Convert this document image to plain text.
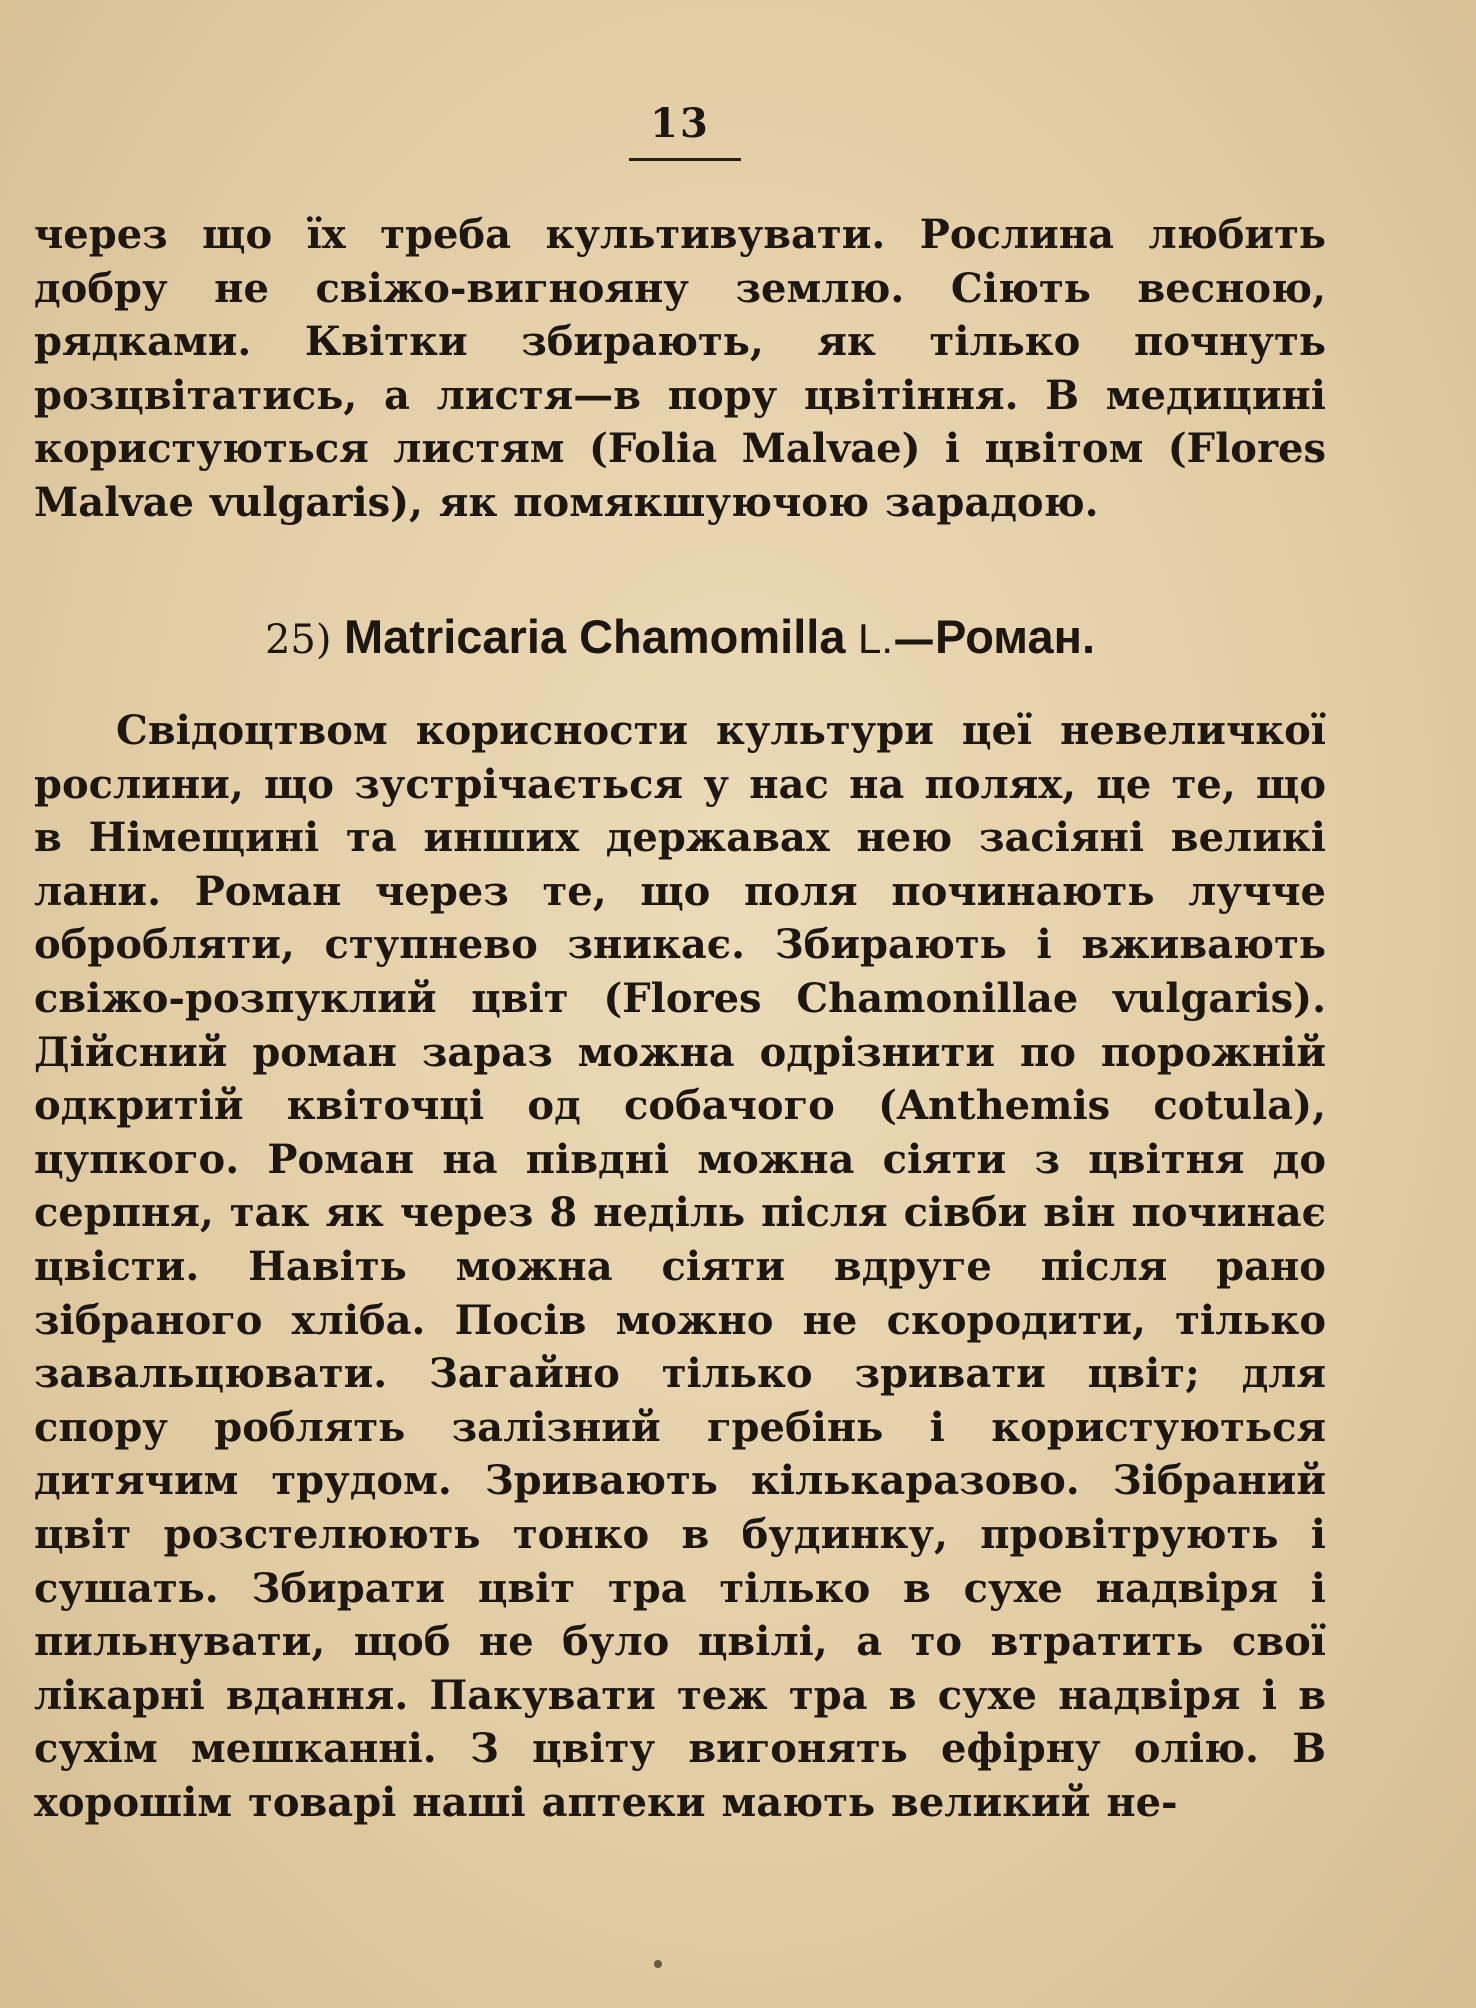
13

через що їх треба культивувати. Рослина любить добру не свіжо-вигнояну землю. Сіють весною, рядками. Квітки збирають, як тілько почнуть розцвітатись, а листя—в пору цвітіння. В медицині користуються листям (Folia Malvae) і цвітом (Flores Malvae vulgaris), як помякшуючою зарадою.

25) Matricaria Chamomilla L.—Роман.

Свідоцтвом корисности культури цеї невеличкої рослини, що зустрічається у нас на полях, це те, що в Німещині та инших державах нею засіяні великі лани. Роман через те, що поля починають лучче обробляти, ступнево зникає. Збирають і вживають свіжо-розпуклий цвіт (Flores Chamonillae vulgaris). Дійсний роман зараз можна одрізнити по порожній одкритій квіточці од собачого (Anthemis cotula), цупкого. Роман на півдні можна сіяти з цвітня до серпня, так як через 8 неділь після сівби він починає цвісти. Навіть можна сіяти вдруге після рано зібраного хліба. Посів можно не скородити, тілько завальцювати. Загайно тілько зривати цвіт; для спору роблять залізний гребінь і користуються дитячим трудом. Зривають кількаразово. Зібраний цвіт розстелюють тонко в будинку, провітрують і сушать. Збирати цвіт тра тілько в сухе надвіря і пильнувати, щоб не було цвілі, а то втратить свої лікарні вдання. Пакувати теж тра в сухе надвіря і в сухім мешканні. З цвіту вигонять ефірну олію. В хорошім товарі наші аптеки мають великий не-
